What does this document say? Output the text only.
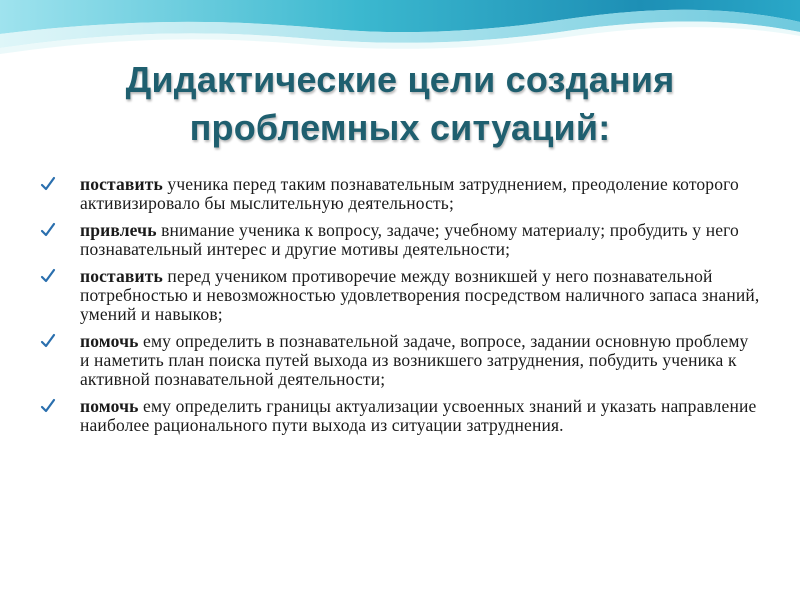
Дидактические цели создания
проблемных ситуаций:
поставить ученика перед таким познавательным затруднением, преодоление которого активизировало бы мыслительную деятельность;
привлечь внимание ученика к вопросу, задаче; учебному материалу; пробудить у него познавательный интерес и другие мотивы деятельности;
поставить перед учеником противоречие между возникшей у него познавательной потребностью и невозможностью удовлетворения посредством наличного запаса знаний, умений и навыков;
помочь ему определить в познавательной задаче, вопросе, задании основную проблему и наметить план поиска путей выхода из возникшего затруднения, побудить ученика к активной познавательной деятельности;
помочь ему определить границы актуализации усвоенных знаний и указать направление наиболее рационального пути выхода из ситуации затруднения.
